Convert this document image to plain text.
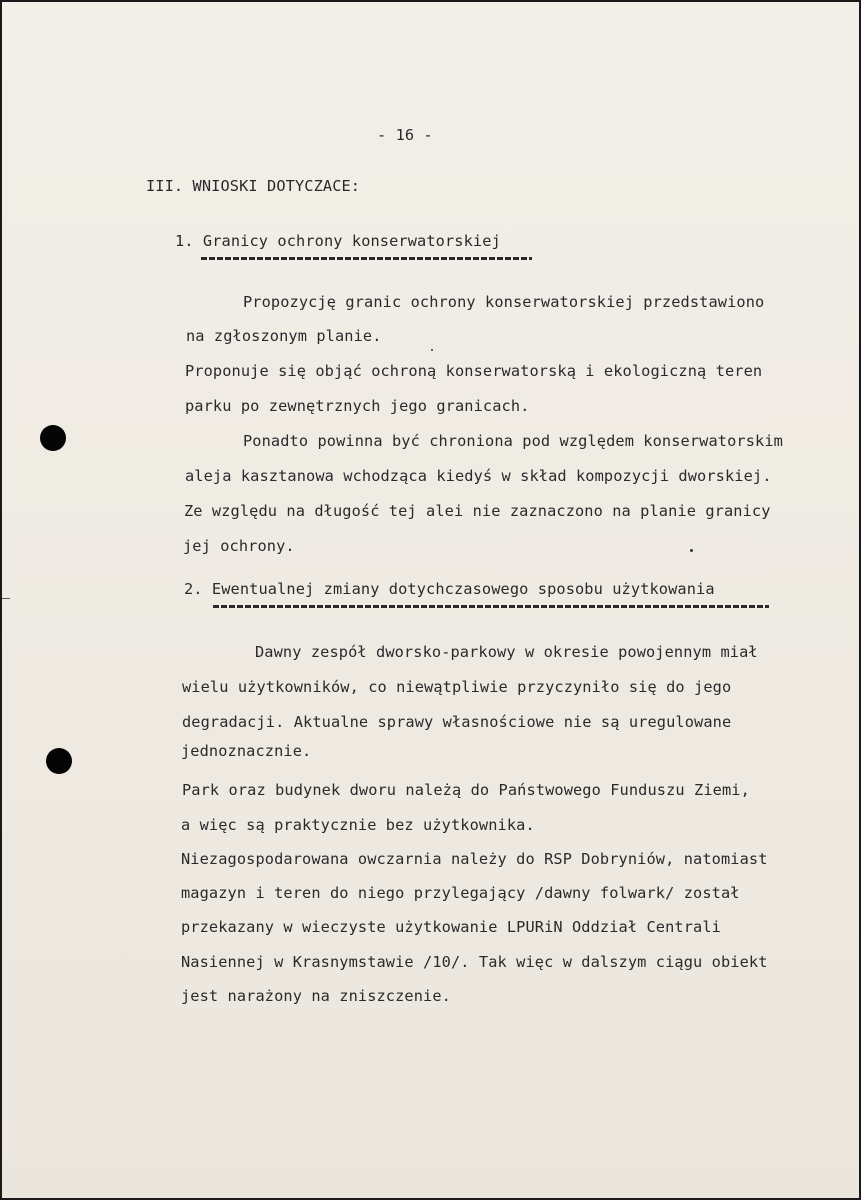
- 16 -
III. WNIOSKI DOTYCZACE:
1. Granicy ochrony konserwatorskiej
Propozycję granic ochrony konserwatorskiej przedstawiono
na zgłoszonym planie.
Proponuje się objąć ochroną konserwatorską i ekologiczną teren
parku po zewnętrznych jego granicach.
Ponadto powinna być chroniona pod względem konserwatorskim
aleja kasztanowa wchodząca kiedyś w skład kompozycji dworskiej.
Ze względu na długość tej alei nie zaznaczono na planie granicy
jej ochrony.
2. Ewentualnej zmiany dotychczasowego sposobu użytkowania
Dawny zespół dworsko-parkowy w okresie powojennym miał
wielu użytkowników, co niewątpliwie przyczyniło się do jego
degradacji. Aktualne sprawy własnościowe nie są uregulowane
jednoznacznie.
Park oraz budynek dworu należą do Państwowego Funduszu Ziemi,
a więc są praktycznie bez użytkownika.
Niezagospodarowana owczarnia należy do RSP Dobryniów, natomiast
magazyn i teren do niego przylegający /dawny folwark/ został
przekazany w wieczyste użytkowanie LPURiN Oddział Centrali
Nasiennej w Krasnymstawie /10/. Tak więc w dalszym ciągu obiekt
jest narażony na zniszczenie.
